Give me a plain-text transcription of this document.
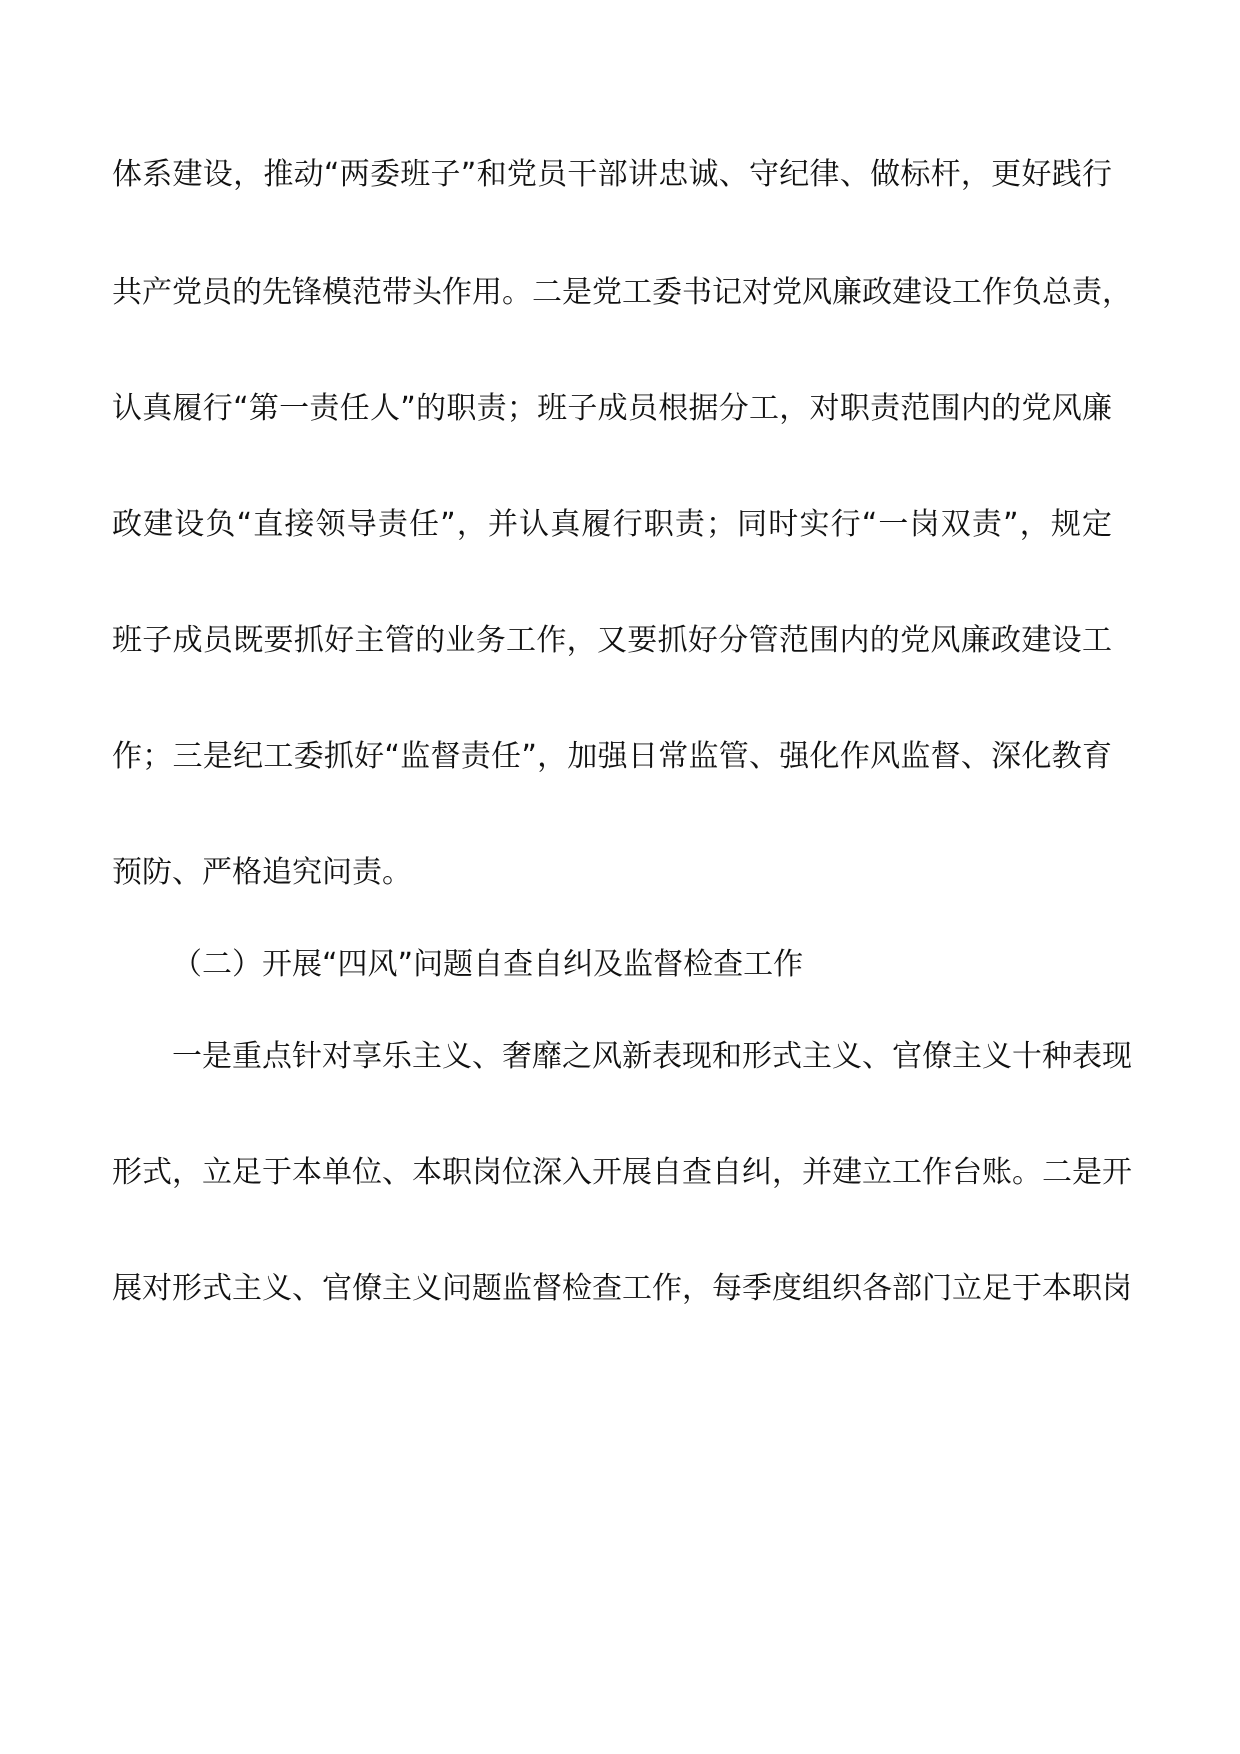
体系建设，推动“两委班子”和党员干部讲忠诚、守纪律、做标杆，更好践行
共产党员的先锋模范带头作用。二是党工委书记对党风廉政建设工作负总责，
认真履行“第一责任人”的职责；班子成员根据分工，对职责范围内的党风廉
政建设负“直接领导责任”，并认真履行职责；同时实行“一岗双责”，规定
班子成员既要抓好主管的业务工作，又要抓好分管范围内的党风廉政建设工
作；三是纪工委抓好“监督责任”，加强日常监管、强化作风监督、深化教育
预防、严格追究问责。
（二）开展“四风”问题自查自纠及监督检查工作
一是重点针对享乐主义、奢靡之风新表现和形式主义、官僚主义十种表现
形式，立足于本单位、本职岗位深入开展自查自纠，并建立工作台账。二是开
展对形式主义、官僚主义问题监督检查工作，每季度组织各部门立足于本职岗
